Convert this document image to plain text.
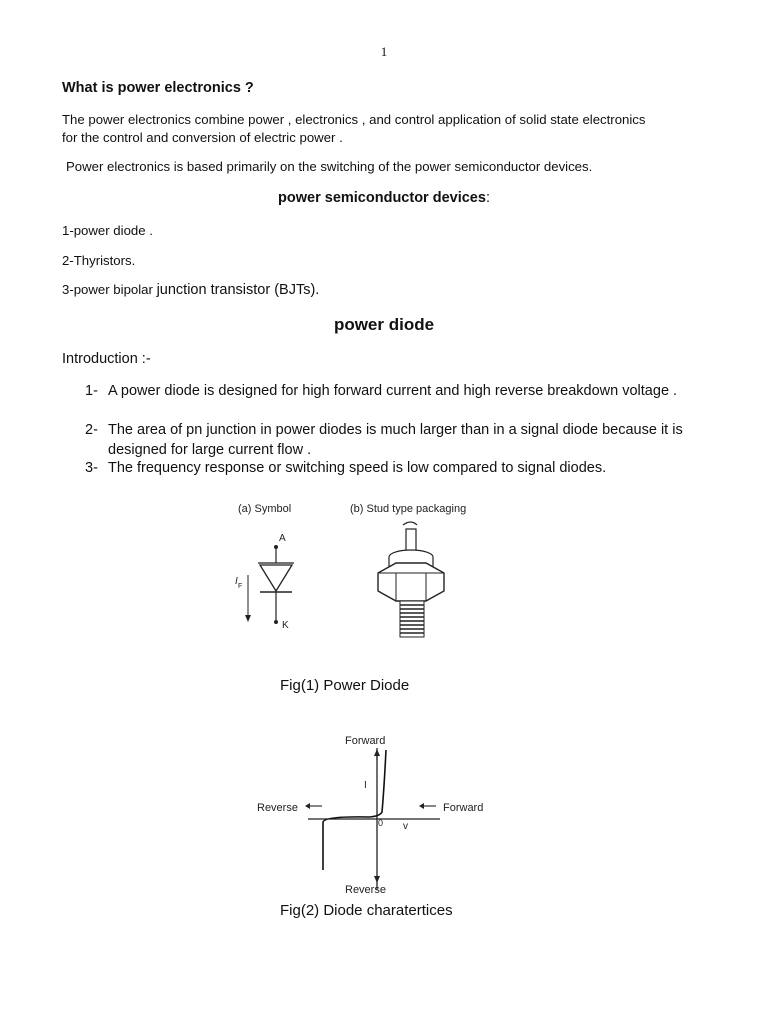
1
What is power electronics ?
The power electronics combine power , electronics , and control application of solid state electronics
for the control and conversion of electric power .
Power electronics is based primarily on the switching of the power semiconductor devices.
power semiconductor devices:
1-power diode .
2-Thyristors.
3-power bipolar junction transistor (BJTs).
power diode
Introduction :-
1- A power diode is designed for high forward current and high reverse breakdown voltage .
2- The area of pn junction in power diodes is much larger than in a signal diode because it is designed for large current flow .
3- The frequency response or switching speed is low compared to signal diodes.
(a) Symbol	(b) Stud type packaging
A
K
I F
Fig(1) Power Diode
Forward
Reverse	Forward
Reverse
I
v
0
Fig(2) Diode charatertices
